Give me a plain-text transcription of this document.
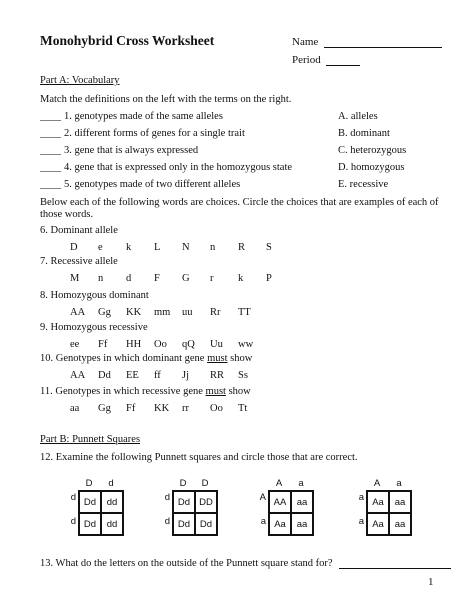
Monohybrid Cross Worksheet	Name
Period
Part A: Vocabulary
Match the definitions on the left with the terms on the right.
____ 1. genotypes made of the same alleles	A. alleles
____ 2. different forms of genes for a single trait	B. dominant
____ 3. gene that is always expressed	C. heterozygous
____ 4. gene that is expressed only in the homozygous state	D. homozygous
____ 5. genotypes made of two different alleles	E. recessive
Below each of the following words are choices. Circle the choices that are examples of each of
those words.
6. Dominant allele
D e k L N n R S
7. Recessive allele
M n d F G r k P
8. Homozygous dominant
AA Gg KK mm uu Rr TT
9. Homozygous recessive
ee Ff HH Oo qQ Uu ww
10. Genotypes in which dominant gene must show
AA Dd EE ff Jj RR Ss
11. Genotypes in which recessive gene must show
aa Gg Ff KK rr Oo Tt
Part B: Punnett Squares
12. Examine the following Punnett squares and circle those that are correct.
D	d
d
d
Dd	dd
Dd	dd
D	D
d
d
Dd DD
Dd	Dd
A	a
A
a
AA	aa
Aa	aa
A	a
a
a
Aa	aa
Aa	aa
13. What do the letters on the outside of the Punnett square stand for?
1
